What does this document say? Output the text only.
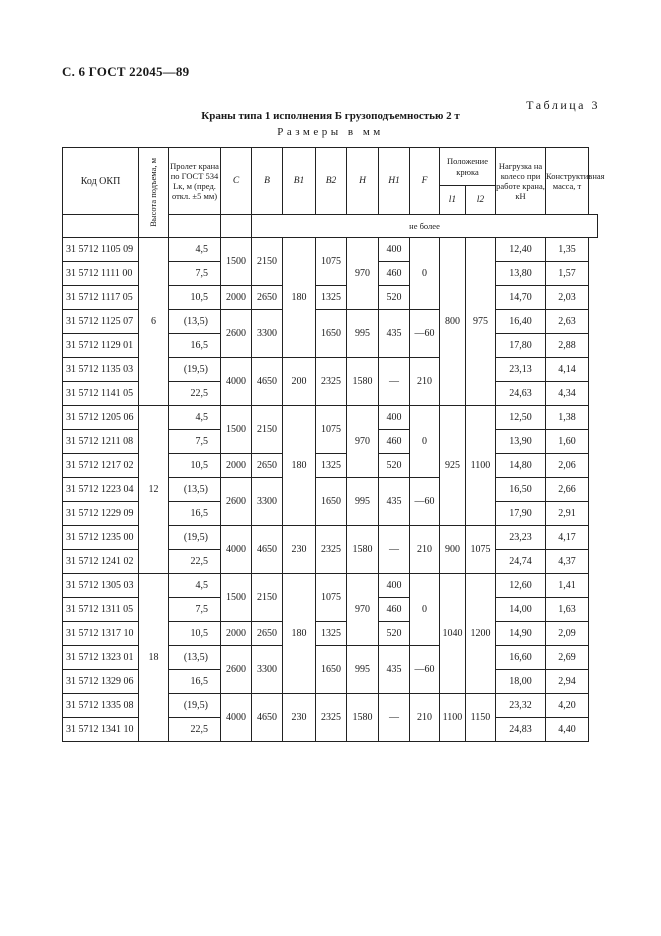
С. 6 ГОСТ 22045—89
Таблица 3
Краны типа 1 исполнения Б грузоподъемностью 2 т
Размеры в мм
Код ОКП	Высота подъема, м	Пролет крана по ГОСТ 534 Lк, м (пред. откл. ±5 мм)	C	B	B1	B2	H	H1	F	Положение крюка		Нагрузка на колесо при работе крана, кН	Конструктивная масса, т
										l1	l2		
				не более									
31 5712 1105 09	6	4,5	1500	2150	180	1075	970	400	0	800	975	12,40	1,35
31 5712 1111 00		7,5						460				13,80	1,57
31 5712 1117 05		10,5	2000	2650		1325		520				14,70	2,03
31 5712 1125 07		(13,5)	2600	3300		1650	995	435	—60			16,40	2,63
31 5712 1129 01		16,5										17,80	2,88
31 5712 1135 03		(19,5)	4000	4650	200	2325	1580	—	210			23,13	4,14
31 5712 1141 05		22,5										24,63	4,34
31 5712 1205 06	12	4,5	1500	2150	180	1075	970	400	0	925	1100	12,50	1,38
31 5712 1211 08		7,5						460				13,90	1,60
31 5712 1217 02		10,5	2000	2650		1325		520				14,80	2,06
31 5712 1223 04		(13,5)	2600	3300		1650	995	435	—60			16,50	2,66
31 5712 1229 09		16,5										17,90	2,91
31 5712 1235 00		(19,5)	4000	4650	230	2325	1580	—	210	900	1075	23,23	4,17
31 5712 1241 02		22,5										24,74	4,37
31 5712 1305 03	18	4,5	1500	2150	180	1075	970	400	0	1040	1200	12,60	1,41
31 5712 1311 05		7,5						460				14,00	1,63
31 5712 1317 10		10,5	2000	2650		1325		520				14,90	2,09
31 5712 1323 01		(13,5)	2600	3300		1650	995	435	—60			16,60	2,69
31 5712 1329 06		16,5										18,00	2,94
31 5712 1335 08		(19,5)	4000	4650	230	2325	1580	—	210	1100	1150	23,32	4,20
31 5712 1341 10		22,5										24,83	4,40
